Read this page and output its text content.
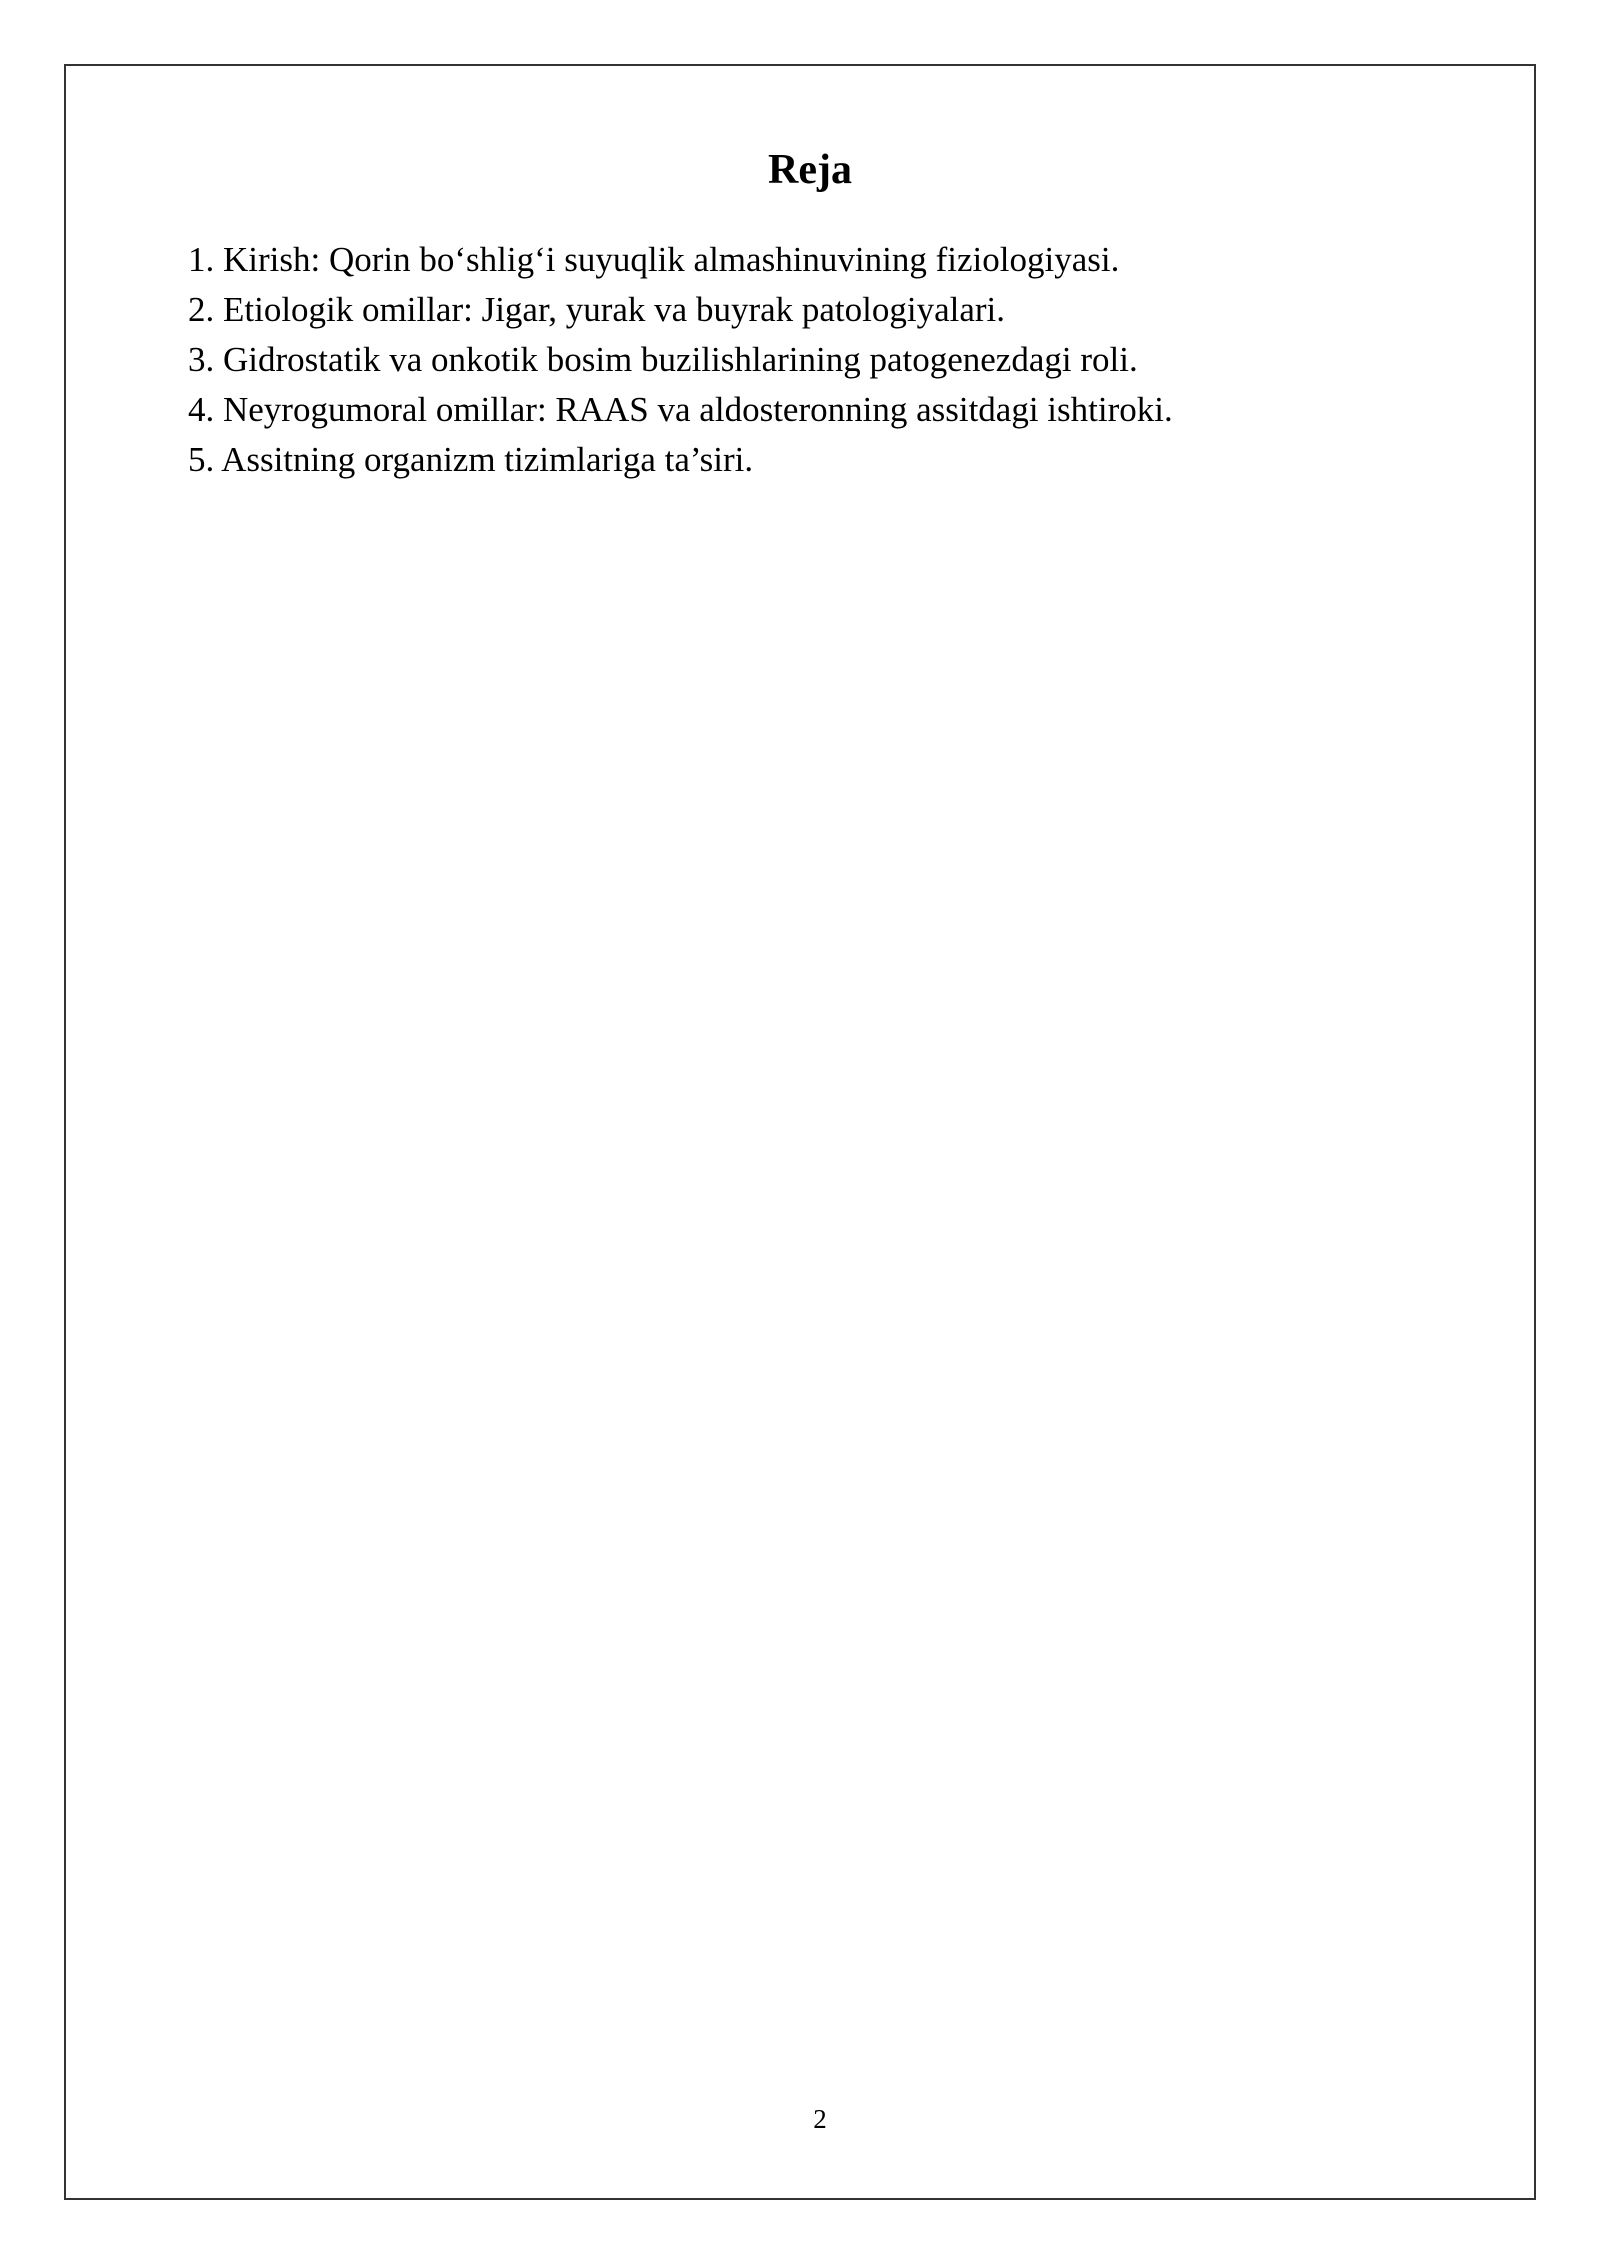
Reja
1. Kirish: Qorin bo‘shlig‘i suyuqlik almashinuvining fiziologiyasi.
2. Etiologik omillar: Jigar, yurak va buyrak patologiyalari.
3. Gidrostatik va onkotik bosim buzilishlarining patogenezdagi roli.
4. Neyrogumoral omillar: RAAS va aldosteronning assitdagi ishtiroki.
5. Assitning organizm tizimlariga ta’siri.
2
